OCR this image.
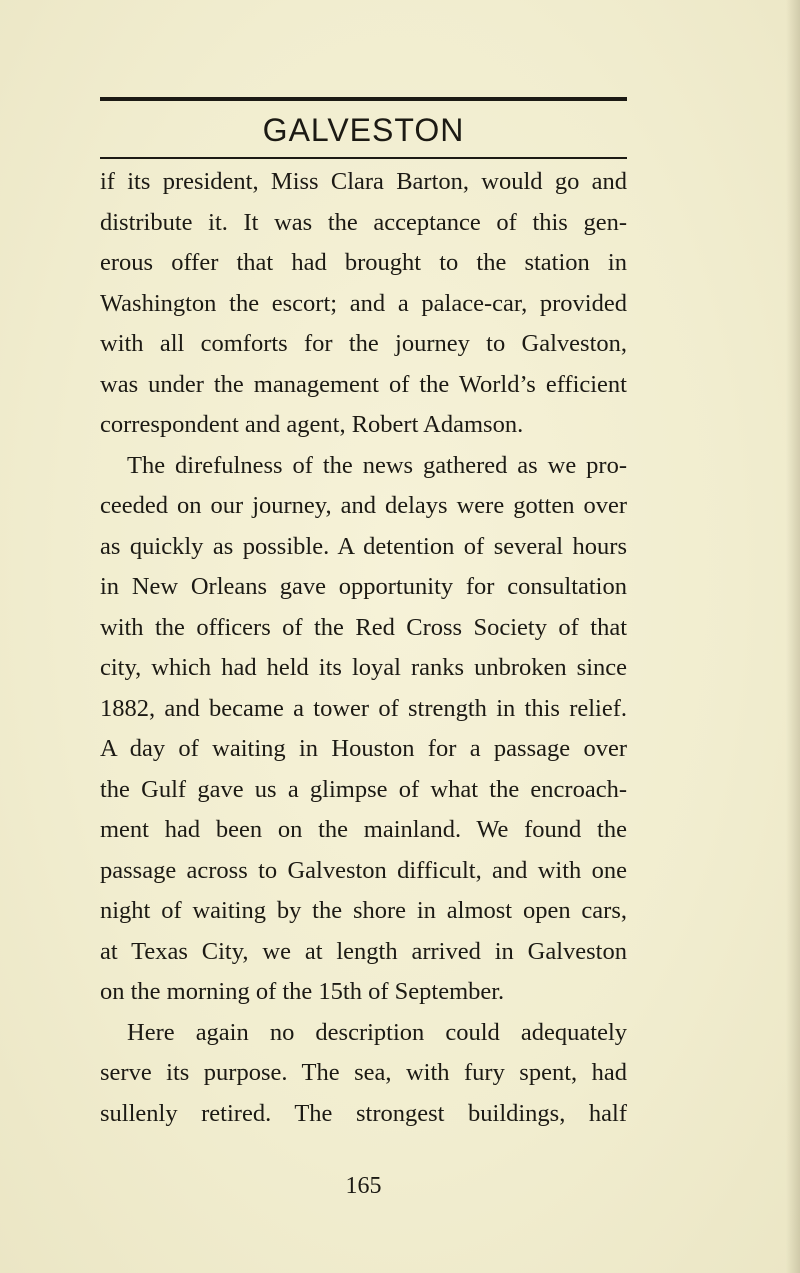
GALVESTON
if its president, Miss Clara Barton, would go and
distribute it. It was the acceptance of this gen-
erous offer that had brought to the station in
Washington the escort; and a palace-car, provided
with all comforts for the journey to Galveston,
was under the management of the World’s efficient
correspondent and agent, Robert Adamson.
The direfulness of the news gathered as we pro-
ceeded on our journey, and delays were gotten over
as quickly as possible. A detention of several hours
in New Orleans gave opportunity for consultation
with the officers of the Red Cross Society of that
city, which had held its loyal ranks unbroken since
1882, and became a tower of strength in this relief.
A day of waiting in Houston for a passage over
the Gulf gave us a glimpse of what the encroach-
ment had been on the mainland. We found the
passage across to Galveston difficult, and with one
night of waiting by the shore in almost open cars,
at Texas City, we at length arrived in Galveston
on the morning of the 15th of September.
Here again no description could adequately
serve its purpose. The sea, with fury spent, had
sullenly retired. The strongest buildings, half
165
